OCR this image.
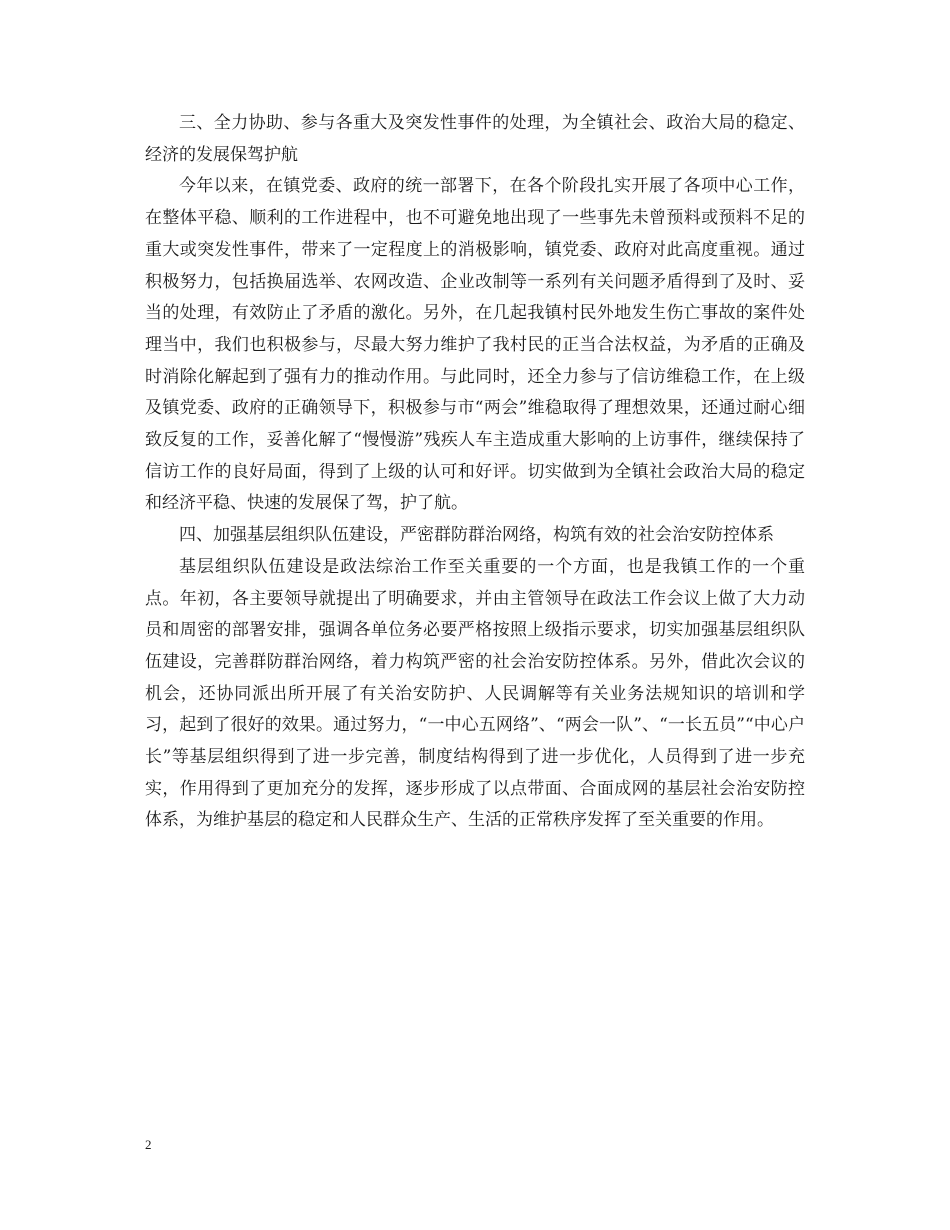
三、全力协助、参与各重大及突发性事件的处理，为全镇社会、政治大局的稳定、经济的发展保驾护航

今年以来，在镇党委、政府的统一部署下，在各个阶段扎实开展了各项中心工作，在整体平稳、顺利的工作进程中，也不可避免地出现了一些事先未曾预料或预料不足的重大或突发性事件，带来了一定程度上的消极影响，镇党委、政府对此高度重视。通过积极努力，包括换届选举、农网改造、企业改制等一系列有关问题矛盾得到了及时、妥当的处理，有效防止了矛盾的激化。另外，在几起我镇村民外地发生伤亡事故的案件处理当中，我们也积极参与，尽最大努力维护了我村民的正当合法权益，为矛盾的正确及时消除化解起到了强有力的推动作用。与此同时，还全力参与了信访维稳工作，在上级及镇党委、政府的正确领导下，积极参与市“两会”维稳取得了理想效果，还通过耐心细致反复的工作，妥善化解了“慢慢游”残疾人车主造成重大影响的上访事件，继续保持了信访工作的良好局面，得到了上级的认可和好评。切实做到为全镇社会政治大局的稳定和经济平稳、快速的发展保了驾，护了航。

四、加强基层组织队伍建设，严密群防群治网络，构筑有效的社会治安防控体系

基层组织队伍建设是政法综治工作至关重要的一个方面，也是我镇工作的一个重点。年初，各主要领导就提出了明确要求，并由主管领导在政法工作会议上做了大力动员和周密的部署安排，强调各单位务必要严格按照上级指示要求，切实加强基层组织队伍建设，完善群防群治网络，着力构筑严密的社会治安防控体系。另外，借此次会议的机会，还协同派出所开展了有关治安防护、人民调解等有关业务法规知识的培训和学习，起到了很好的效果。通过努力，“一中心五网络”、“两会一队”、“一长五员”“中心户长”等基层组织得到了进一步完善，制度结构得到了进一步优化，人员得到了进一步充实，作用得到了更加充分的发挥，逐步形成了以点带面、合面成网的基层社会治安防控体系，为维护基层的稳定和人民群众生产、生活的正常秩序发挥了至关重要的作用。

2
